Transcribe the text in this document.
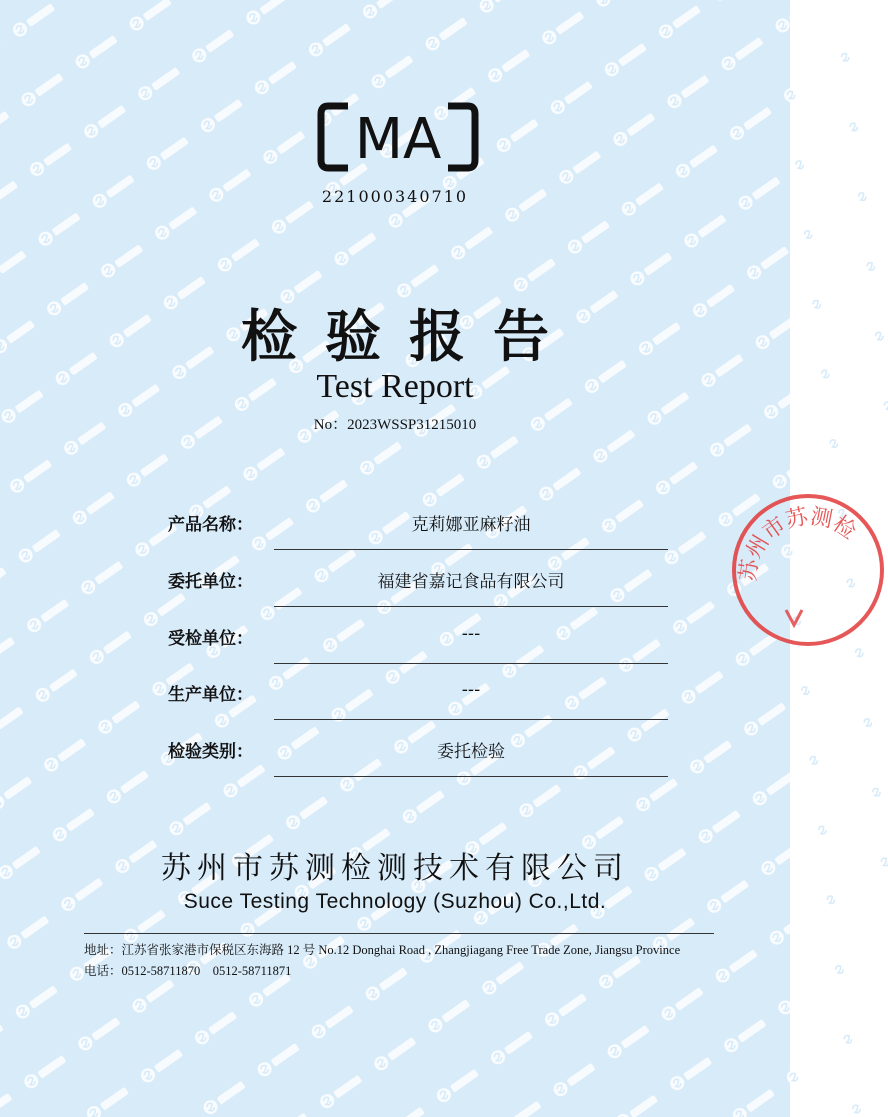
MA
221000340710
检验报告
Test Report
No：2023WSSP31215010
产品名称：	克莉娜亚麻籽油
委托单位：	福建省嘉记食品有限公司
受检单位：	---
生产单位：	---
检验类别：	委托检验
苏州市苏测检测技术有限公司
Suce Testing Technology (Suzhou) Co.,Ltd.
地址：江苏省张家港市保税区东海路 12 号 No.12 Donghai Road , Zhangjiagang Free Trade Zone, Jiangsu Province
电话：0512-58711870　0512-58711871
苏州市苏测检
